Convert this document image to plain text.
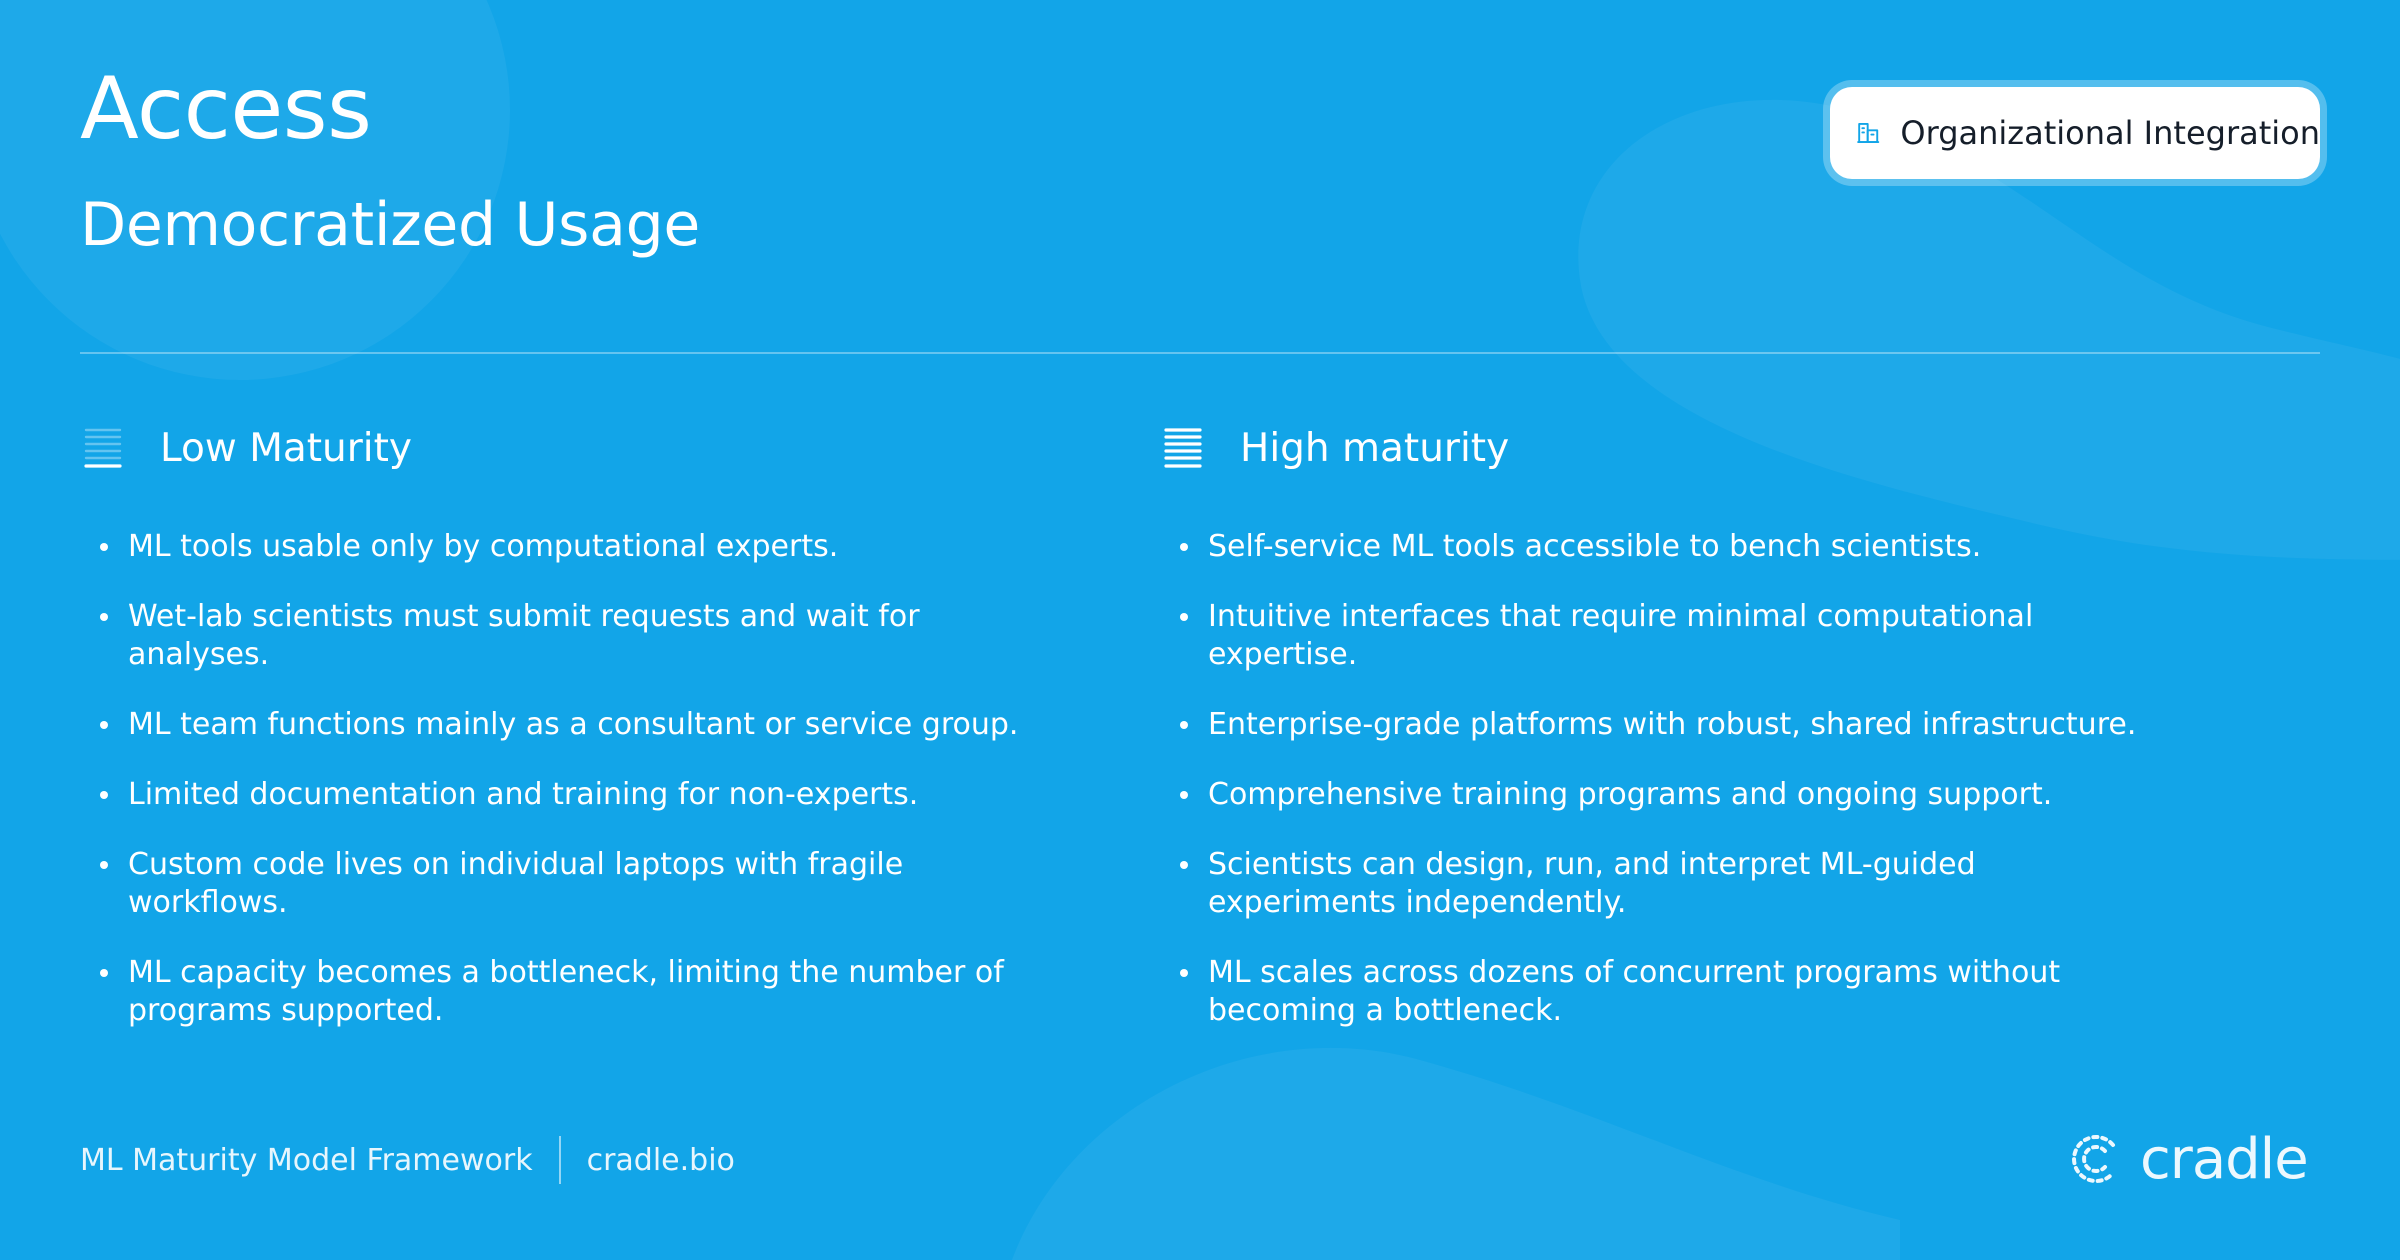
Access
Democratized Usage
Organizational Integration
Low Maturity
ML tools usable only by computational experts.
Wet-lab scientists must submit requests and wait for analyses.
ML team functions mainly as a consultant or service group.
Limited documentation and training for non-experts.
Custom code lives on individual laptops with fragile workflows.
ML capacity becomes a bottleneck, limiting the number of programs supported.
High maturity
Self-service ML tools accessible to bench scientists.
Intuitive interfaces that require minimal computational expertise.
Enterprise-grade platforms with robust, shared infrastructure.
Comprehensive training programs and ongoing support.
Scientists can design, run, and interpret ML-guided experiments independently.
ML scales across dozens of concurrent programs without becoming a bottleneck.
ML Maturity Model Framework cradle.bio	cradle
